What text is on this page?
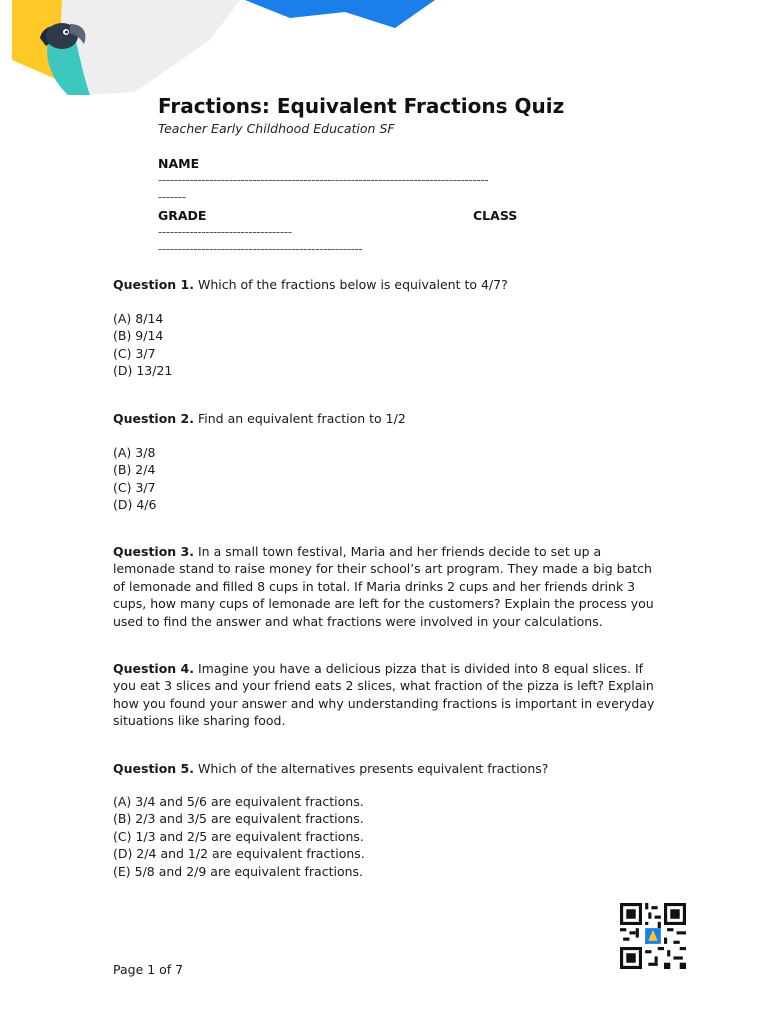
Fractions: Equivalent Fractions Quiz
Teacher Early Childhood Education SF
NAME
------------------------------------------------------------------------------------
-------
GRADE	CLASS
----------------------------------
----------------------------------------------------
Question 1. Which of the fractions below is equivalent to 4/7?
(A) 8/14
(B) 9/14
(C) 3/7
(D) 13/21
Question 2. Find an equivalent fraction to 1/2
(A) 3/8
(B) 2/4
(C) 3/7
(D) 4/6
Question 3. In a small town festival, Maria and her friends decide to set up a lemonade stand to raise money for their school’s art program. They made a big batch of lemonade and filled 8 cups in total. If Maria drinks 2 cups and her friends drink 3 cups, how many cups of lemonade are left for the customers? Explain the process you used to find the answer and what fractions were involved in your calculations.
Question 4. Imagine you have a delicious pizza that is divided into 8 equal slices. If you eat 3 slices and your friend eats 2 slices, what fraction of the pizza is left? Explain how you found your answer and why understanding fractions is important in everyday situations like sharing food.
Question 5. Which of the alternatives presents equivalent fractions?
(A) 3/4 and 5/6 are equivalent fractions.
(B) 2/3 and 3/5 are equivalent fractions.
(C) 1/3 and 2/5 are equivalent fractions.
(D) 2/4 and 1/2 are equivalent fractions.
(E) 5/8 and 2/9 are equivalent fractions.
Page 1 of 7
